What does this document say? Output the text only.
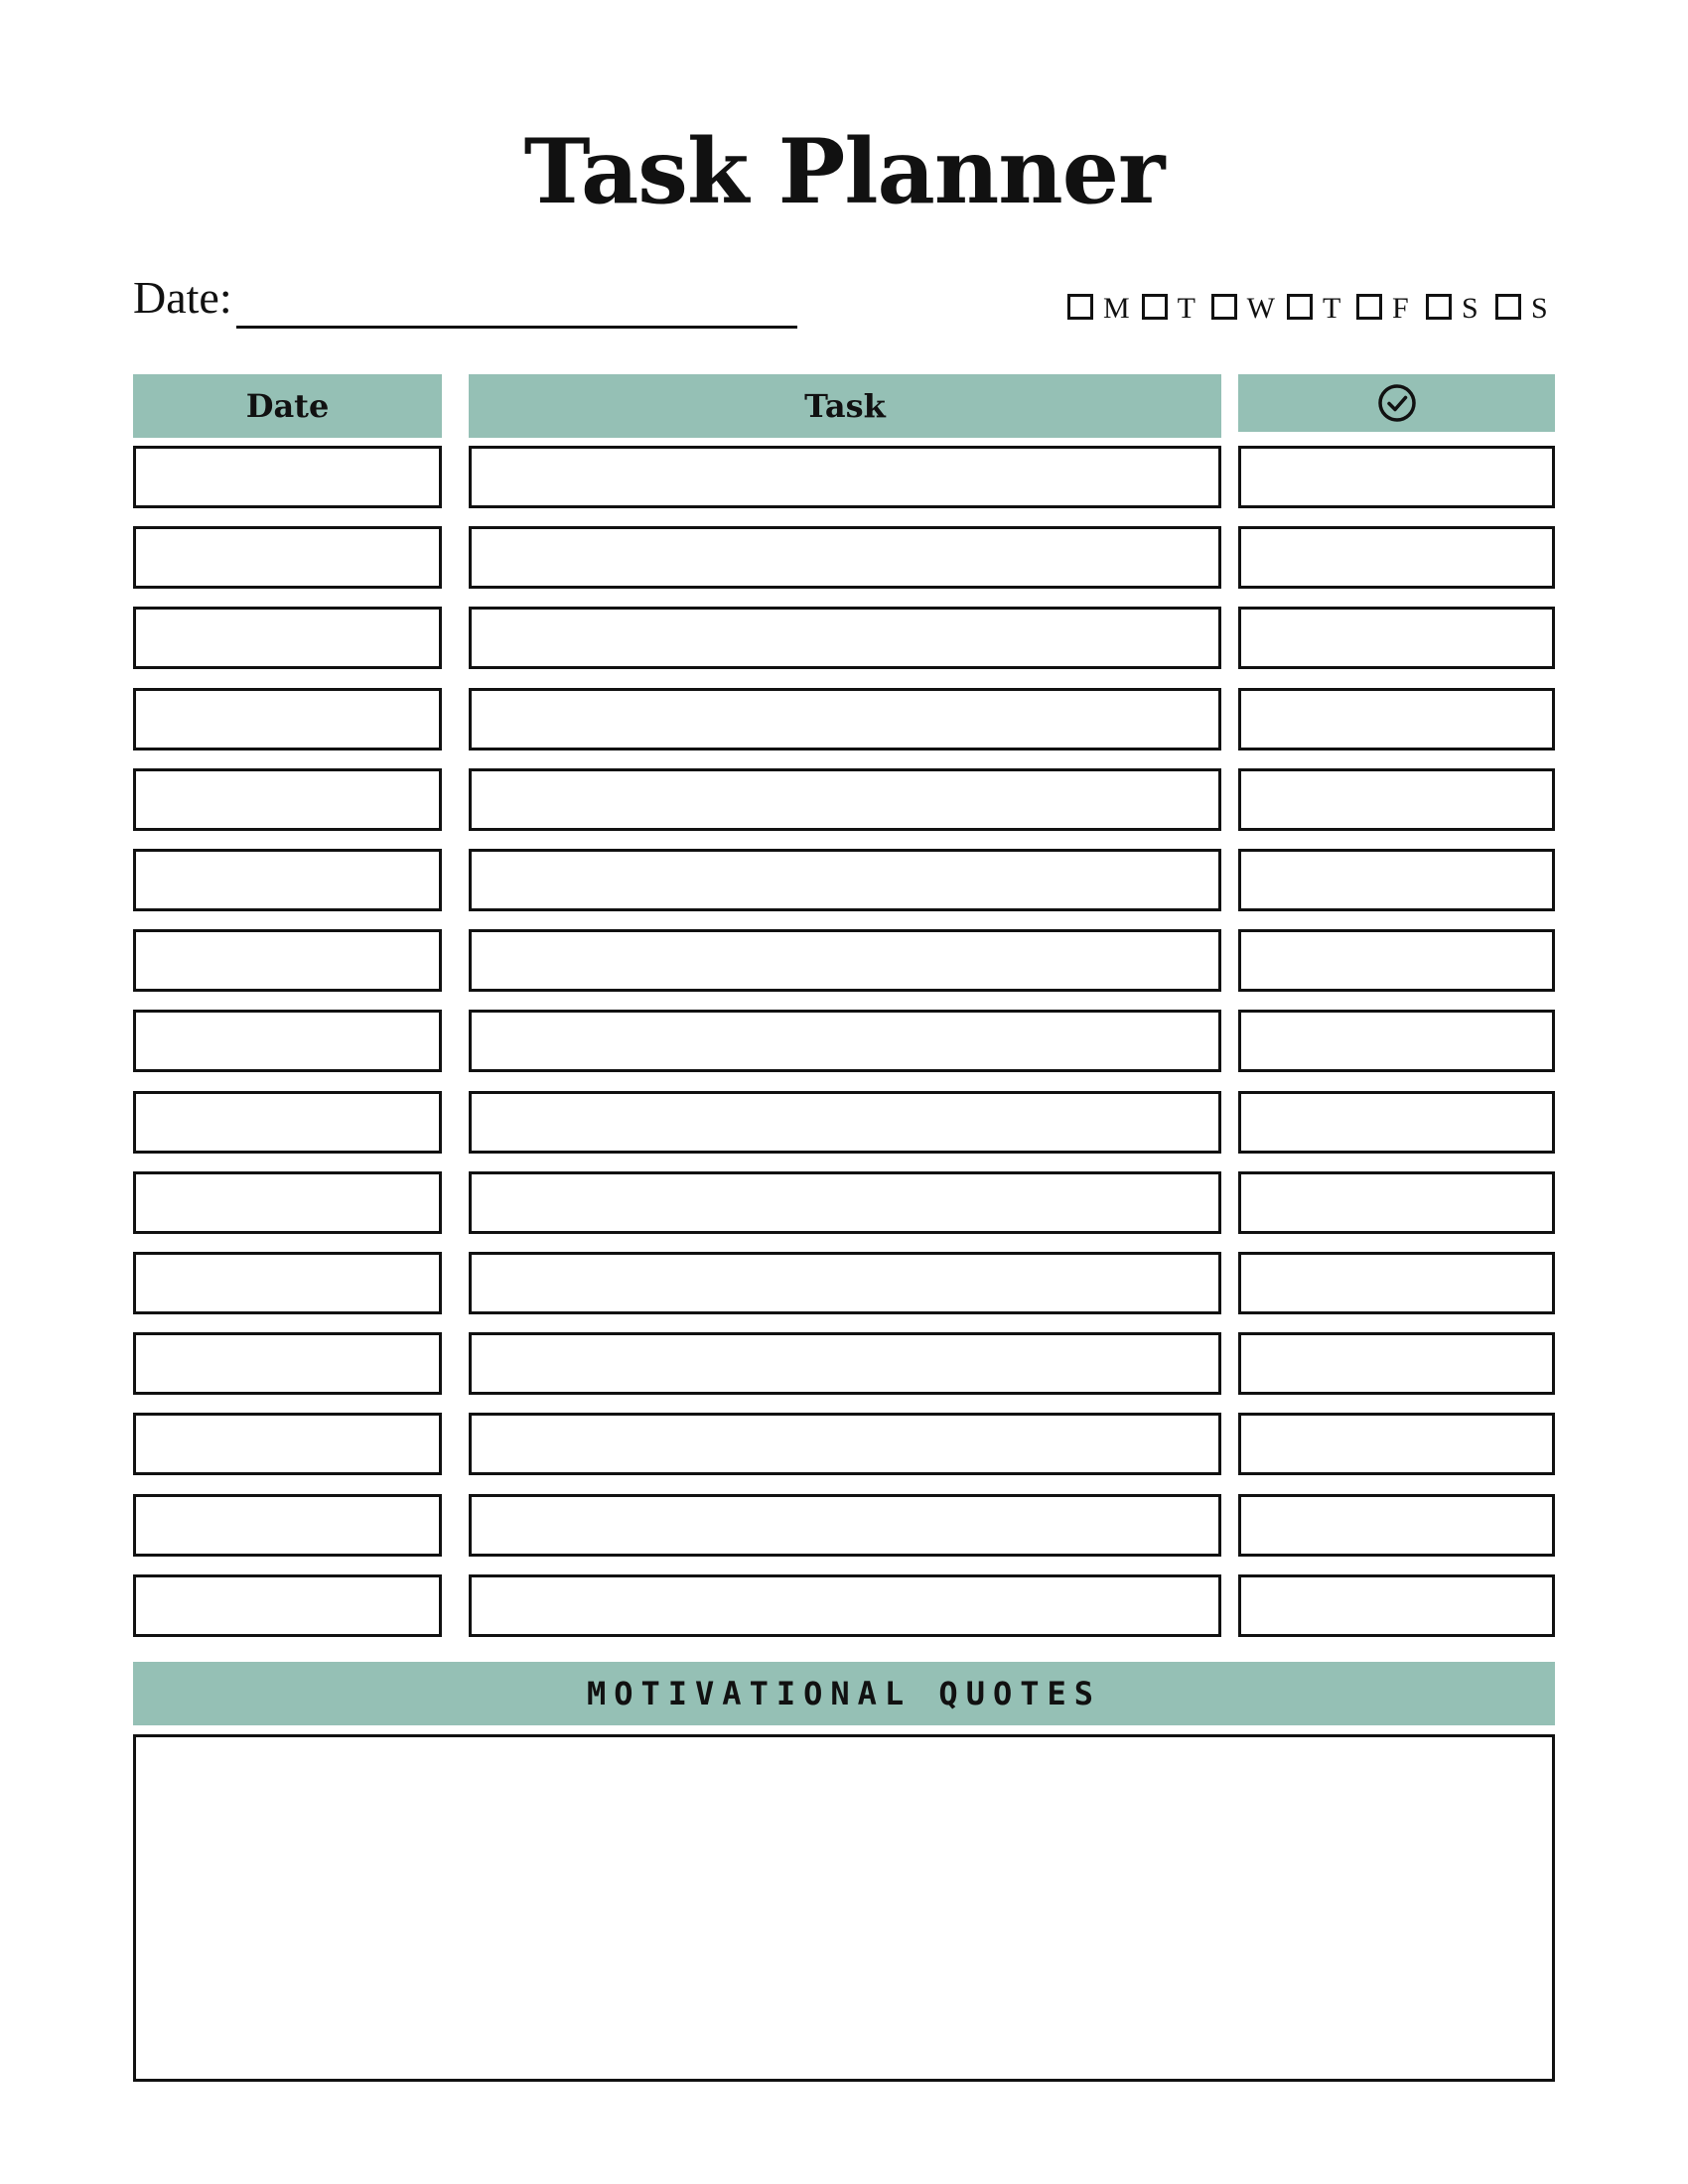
Task Planner
Date:	M T W T F S S
Date	Task
MOTIVATIONAL QUOTES
